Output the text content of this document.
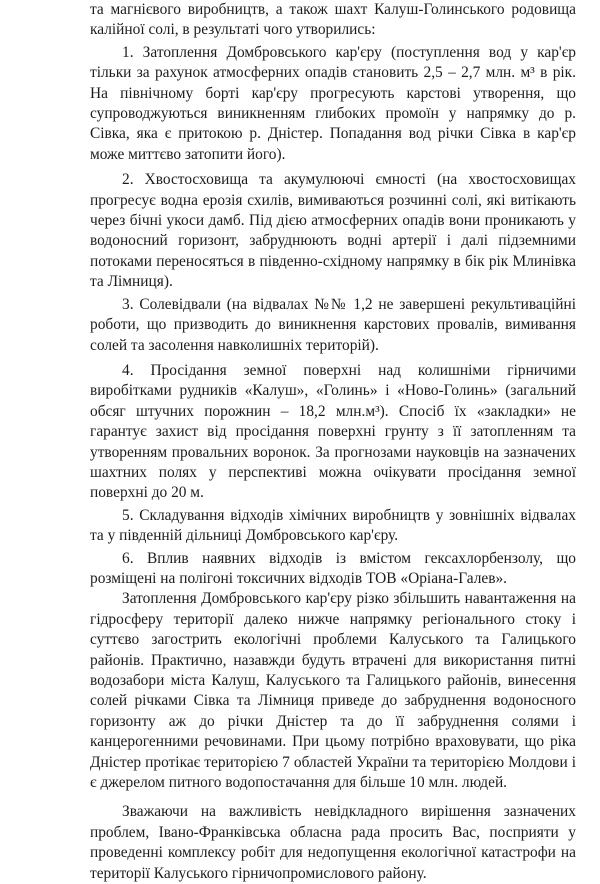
та магнієвого виробництв, а також шахт Калуш-Голинського родовища калійної солі, в результаті чого утворились:

1. Затоплення Домбровського кар'єру (поступлення вод у кар'єр тільки за рахунок атмосферних опадів становить 2,5 – 2,7 млн. м³ в рік. На північному борті кар'єру прогресують карстові утворення, що супроводжуються виникненням глибоких промоїн у напрямку до р. Сівка, яка є притокою р. Дністер. Попадання вод річки Сівка в кар'єр може миттєво затопити його).

2. Хвостосховища та акумулюючі ємності (на хвостосховищах прогресує водна ерозія схилів, вимиваються розчинні солі, які витікають через бічні укоси дамб. Під дією атмосферних опадів вони проникають у водоносний горизонт, забруднюють водні артерії і далі підземними потоками переносяться в південно-східному напрямку в бік рік Млинівка та Лімниця).

3. Солевідвали (на відвалах №№ 1,2 не завершені рекультиваційні роботи, що призводить до виникнення карстових провалів, вимивання солей та засолення навколишніх територій).

4. Просідання земної поверхні над колишніми гірничими виробітками рудників «Калуш», «Голинь» і «Ново-Голинь» (загальний обсяг штучних порожнин – 18,2 млн.м³). Спосіб їх «закладки» не гарантує захист від просідання поверхні грунту з її затопленням та утворенням провальних воронок. За прогнозами науковців на зазначених шахтних полях у перспективі можна очікувати просідання земної поверхні до 20 м.

5. Складування відходів хімічних виробництв у зовнішніх відвалах та у південній дільниці Домбровського кар'єру.

6. Вплив наявних відходів із вмістом гексахлорбензолу, що розміщені на полігоні токсичних відходів ТОВ «Оріана-Галев».

Затоплення Домбровського кар'єру різко збільшить навантаження на гідросферу території далеко нижче напрямку регіонального стоку і суттєво загострить екологічні проблеми Калуського та Галицького районів. Практично, назавжди будуть втрачені для використання питні водозабори міста Калуш, Калуського та Галицького районів, винесення солей річками Сівка та Лімниця приведе до забруднення водоносного горизонту аж до річки Дністер та до її забруднення солями і канцерогенними речовинами. При цьому потрібно враховувати, що ріка Дністер протікає територією 7 областей України та територією Молдови і є джерелом питного водопостачання для більше 10 млн. людей.

Зважаючи на важливість невідкладного вирішення зазначених проблем, Івано-Франківська обласна рада просить Вас, посприяти у проведенні комплексу робіт для недопущення екологічної катастрофи на території Калуського гірничопромислового району.
